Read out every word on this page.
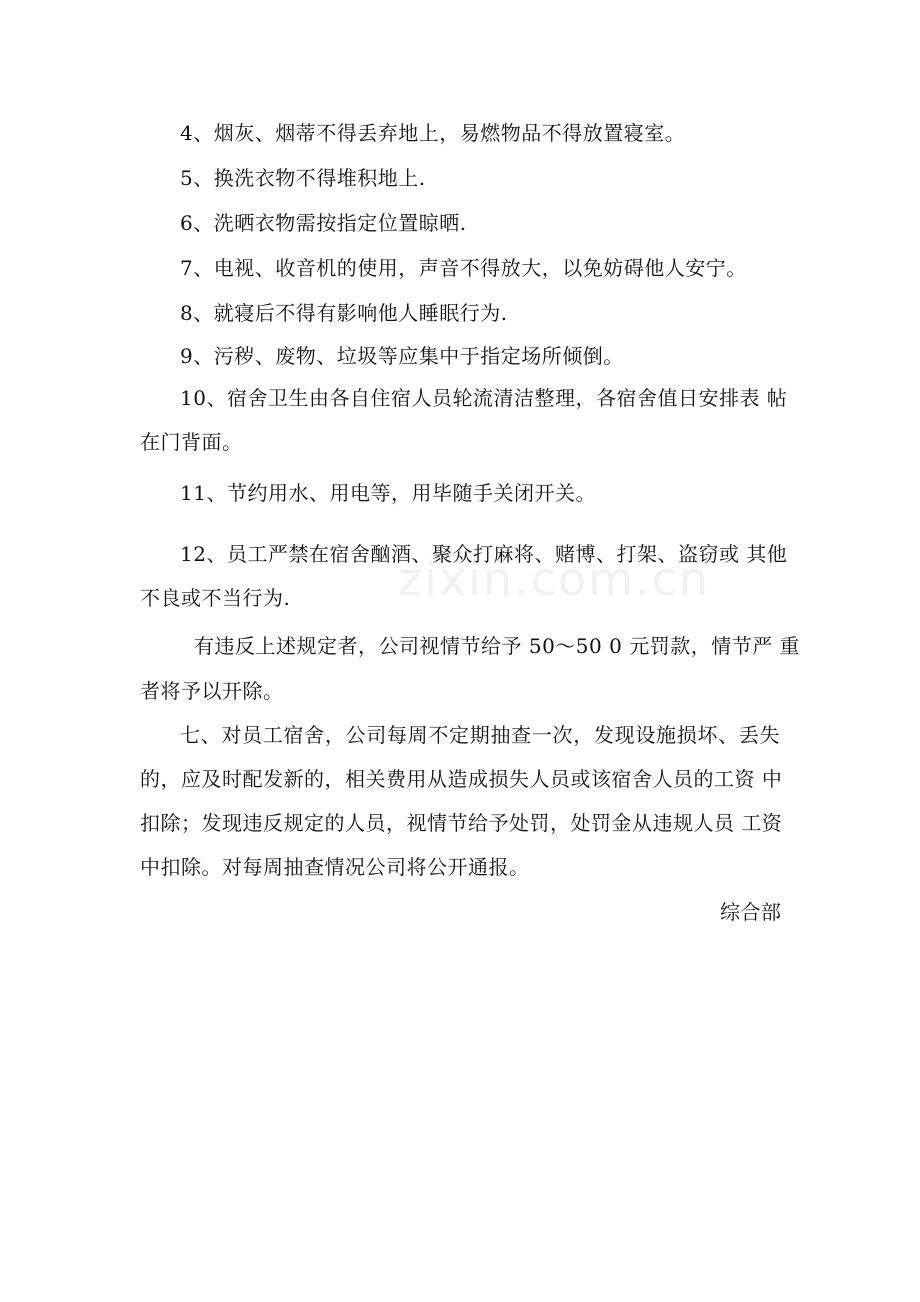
4、烟灰、烟蒂不得丢弃地上，易燃物品不得放置寝室。
5、换洗衣物不得堆积地上.
6、洗晒衣物需按指定位置晾晒.
7、电视、收音机的使用，声音不得放大，以免妨碍他人安宁。
8、就寝后不得有影响他人睡眠行为.
9、污秽、废物、垃圾等应集中于指定场所倾倒。
10、宿舍卫生由各自住宿人员轮流清洁整理，各宿舍值日安排表 帖
在门背面。
11、节约用水、用电等，用毕随手关闭开关。
12、员工严禁在宿舍酗酒、聚众打麻将、赌博、打架、盗窃或 其他
不良或不当行为.
有违反上述规定者，公司视情节给予 50～50 0 元罚款，情节严 重
者将予以开除。
七、对员工宿舍，公司每周不定期抽查一次，发现设施损坏、丢失
的，应及时配发新的，相关费用从造成损失人员或该宿舍人员的工资 中
扣除；发现违反规定的人员，视情节给予处罚，处罚金从违规人员 工资
中扣除。对每周抽查情况公司将公开通报。
综合部
zixin.com.cn
